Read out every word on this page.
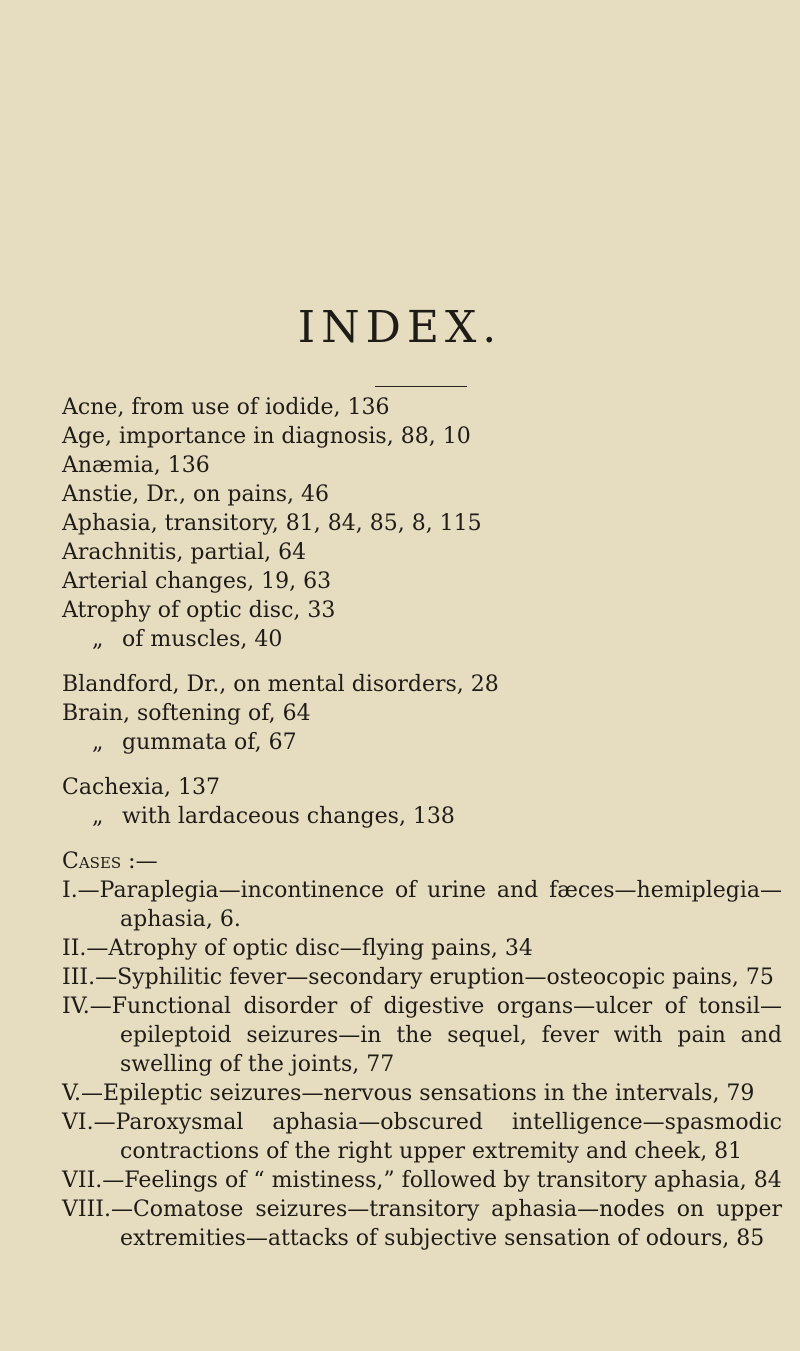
INDEX.
Acne, from use of iodide, 136
Age, importance in diagnosis, 88, 10
Anæmia, 136
Anstie, Dr., on pains, 46
Aphasia, transitory, 81, 84, 85, 8, 115
Arachnitis, partial, 64
Arterial changes, 19, 63
Atrophy of optic disc, 33
„ of muscles, 40
Blandford, Dr., on mental disorders, 28
Brain, softening of, 64
„ gummata of, 67
Cachexia, 137
„ with lardaceous changes, 138
Cases :—
I.—Paraplegia—incontinence of urine and fæces—hemiplegia—aphasia, 6.
II.—Atrophy of optic disc—flying pains, 34
III.—Syphilitic fever—secondary eruption—osteocopic pains, 75
IV.—Functional disorder of digestive organs—ulcer of tonsil—epileptoid seizures—in the sequel, fever with pain and swelling of the joints, 77
V.—Epileptic seizures—nervous sensations in the intervals, 79
VI.—Paroxysmal aphasia—obscured intelligence—spasmodic contractions of the right upper extremity and cheek, 81
VII.—Feelings of “ mistiness,” followed by transitory aphasia, 84
VIII.—Comatose seizures—transitory aphasia—nodes on upper extremities—attacks of subjective sensation of odours, 85
